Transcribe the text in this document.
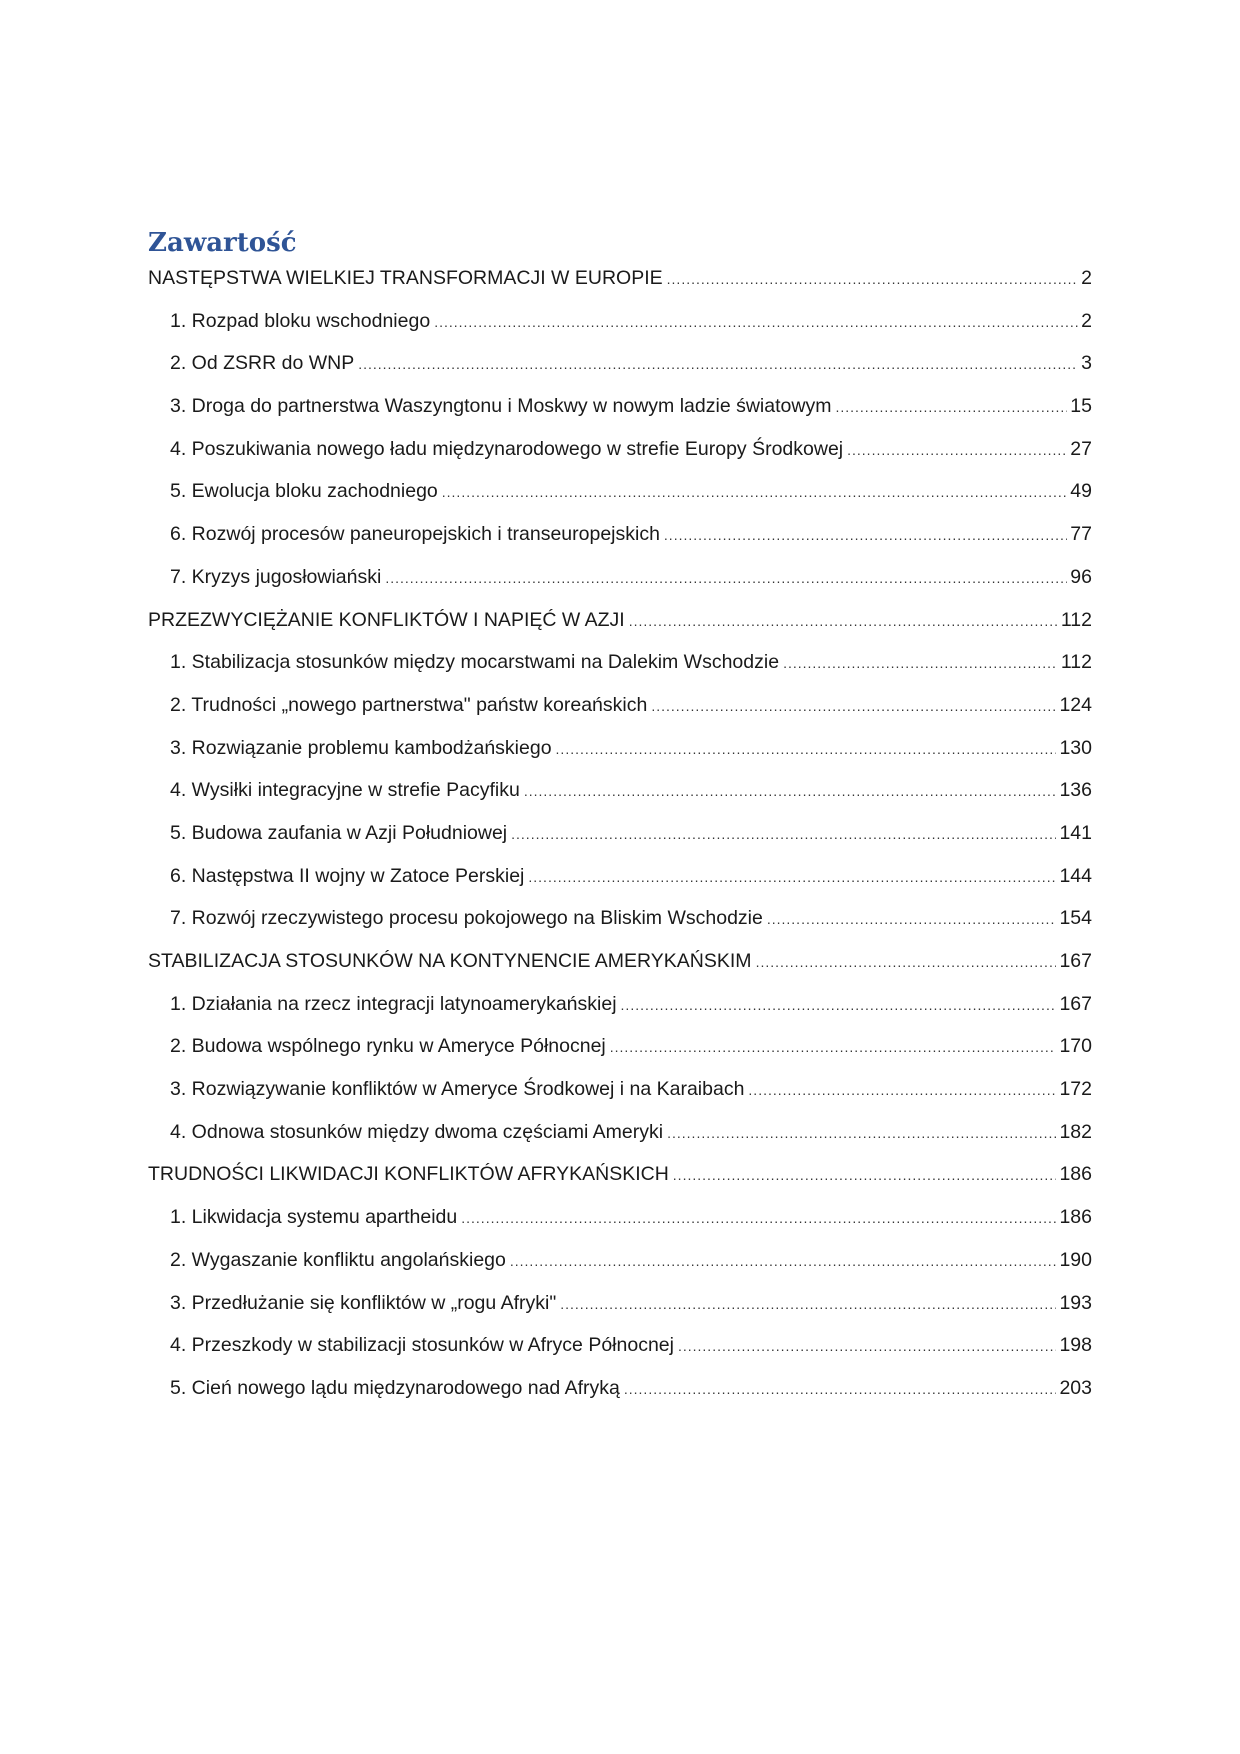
Zawartość
NASTĘPSTWA WIELKIEJ TRANSFORMACJI W EUROPIE .....	2
1. Rozpad bloku wschodniego .....	2
2. Od ZSRR do WNP .....	3
3. Droga do partnerstwa Waszyngtonu i Moskwy w nowym ladzie światowym .....	15
4. Poszukiwania nowego ładu międzynarodowego w strefie Europy Środkowej .....	27
5. Ewolucja bloku zachodniego .....	49
6. Rozwój procesów paneuropejskich i transeuropejskich .....	77
7. Kryzys jugosłowiański .....	96
PRZEZWYCIĘŻANIE KONFLIKTÓW I NAPIĘĆ W AZJI .....	112
1. Stabilizacja stosunków między mocarstwami na Dalekim Wschodzie .....	112
2. Trudności „nowego partnerstwa" państw koreańskich .....	124
3. Rozwiązanie problemu kambodżańskiego .....	130
4. Wysiłki integracyjne w strefie Pacyfiku .....	136
5. Budowa zaufania w Azji Południowej .....	141
6. Następstwa II wojny w Zatoce Perskiej .....	144
7. Rozwój rzeczywistego procesu pokojowego na Bliskim Wschodzie .....	154
STABILIZACJA STOSUNKÓW NA KONTYNENCIE AMERYKAŃSKIM .....	167
1. Działania na rzecz integracji latynoamerykańskiej .....	167
2. Budowa wspólnego rynku w Ameryce Północnej .....	170
3. Rozwiązywanie konfliktów w Ameryce Środkowej i na Karaibach .....	172
4. Odnowa stosunków między dwoma częściami Ameryki .....	182
TRUDNOŚCI LIKWIDACJI KONFLIKTÓW AFRYKAŃSKICH .....	186
1. Likwidacja systemu apartheidu .....	186
2. Wygaszanie konfliktu angolańskiego .....	190
3. Przedłużanie się konfliktów w „rogu Afryki" .....	193
4. Przeszkody w stabilizacji stosunków w Afryce Północnej .....	198
5. Cień nowego lądu międzynarodowego nad Afryką .....	203
